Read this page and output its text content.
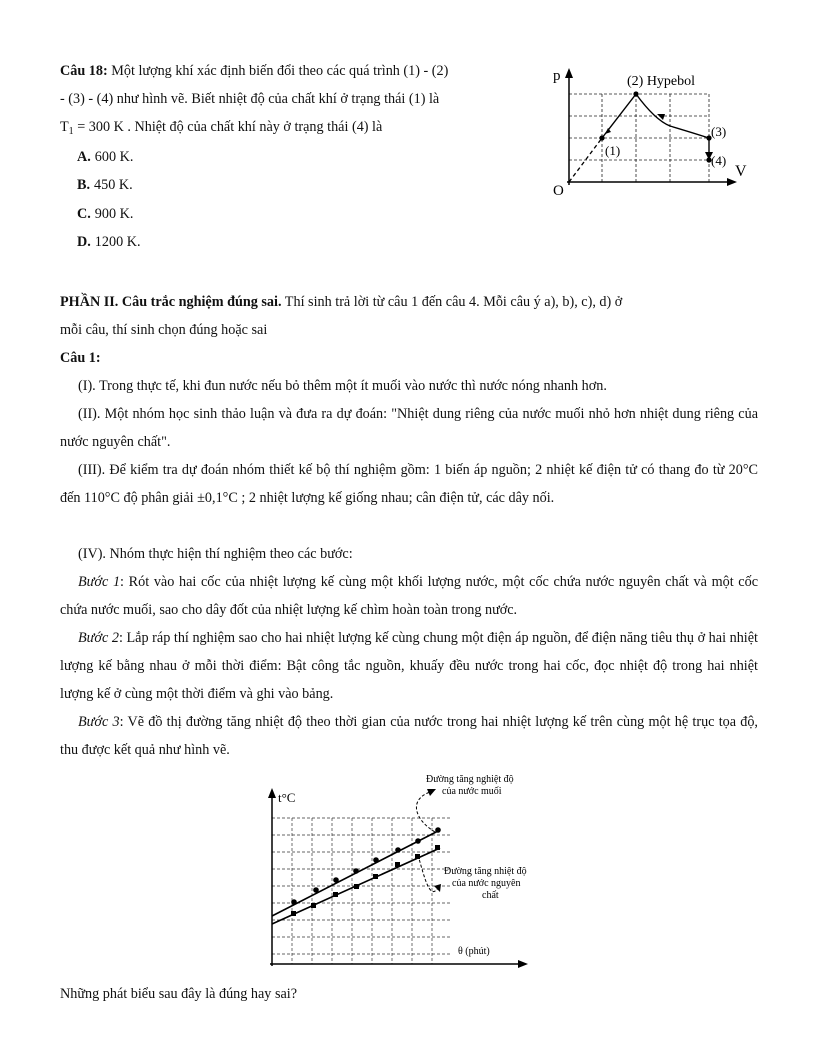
Câu 18: Một lượng khí xác định biến đổi theo các quá trình (1) - (2)
- (3) - (4) như hình vẽ. Biết nhiệt độ của chất khí ở trạng thái (1) là
$T_1 = 300$ K . Nhiệt độ của chất khí này ở trạng thái (4) là
A. 600 K.
B. 450 K.
C. 900 K.
D. 1200 K.
p
V
O
(2) Hypebol
(1)
(3)
(4)
PHẦN II. Câu trắc nghiệm đúng sai. Thí sinh trả lời từ câu 1 đến câu 4. Mỗi câu ý a), b), c), d) ở
mỗi câu, thí sinh chọn đúng hoặc sai
Câu 1:
(I). Trong thực tế, khi đun nước nếu bỏ thêm một ít muối vào nước thì nước nóng nhanh hơn.
(II). Một nhóm học sinh thảo luận và đưa ra dự đoán: "Nhiệt dung riêng của nước muối nhỏ hơn nhiệt dung riêng của nước nguyên chất".
(III). Để kiểm tra dự đoán nhóm thiết kế bộ thí nghiệm gồm: 1 biến áp nguồn; 2 nhiệt kế điện tử có thang đo từ 20°C đến 110°C độ phân giải ±0,1°C ; 2 nhiệt lượng kế giống nhau; cân điện tử, các dây nối.
(IV). Nhóm thực hiện thí nghiệm theo các bước:
Bước 1: Rót vào hai cốc của nhiệt lượng kế cùng một khối lượng nước, một cốc chứa nước nguyên chất và một cốc chứa nước muối, sao cho dây đốt của nhiệt lượng kế chìm hoàn toàn trong nước.
Bước 2: Lắp ráp thí nghiệm sao cho hai nhiệt lượng kế cùng chung một điện áp nguồn, để điện năng tiêu thụ ở hai nhiệt lượng kế bằng nhau ở mỗi thời điểm: Bật công tắc nguồn, khuấy đều nước trong hai cốc, đọc nhiệt độ trong hai nhiệt lượng kế ở cùng một thời điểm và ghi vào bảng.
Bước 3: Vẽ đồ thị đường tăng nhiệt độ theo thời gian của nước trong hai nhiệt lượng kế trên cùng một hệ trục tọa độ, thu được kết quả như hình vẽ.
t°C
θ (phút)
Đường tăng nghiệt độ
của nước muối
Đường tăng nhiệt độ
của nước nguyên
chất
Những phát biểu sau đây là đúng hay sai?
